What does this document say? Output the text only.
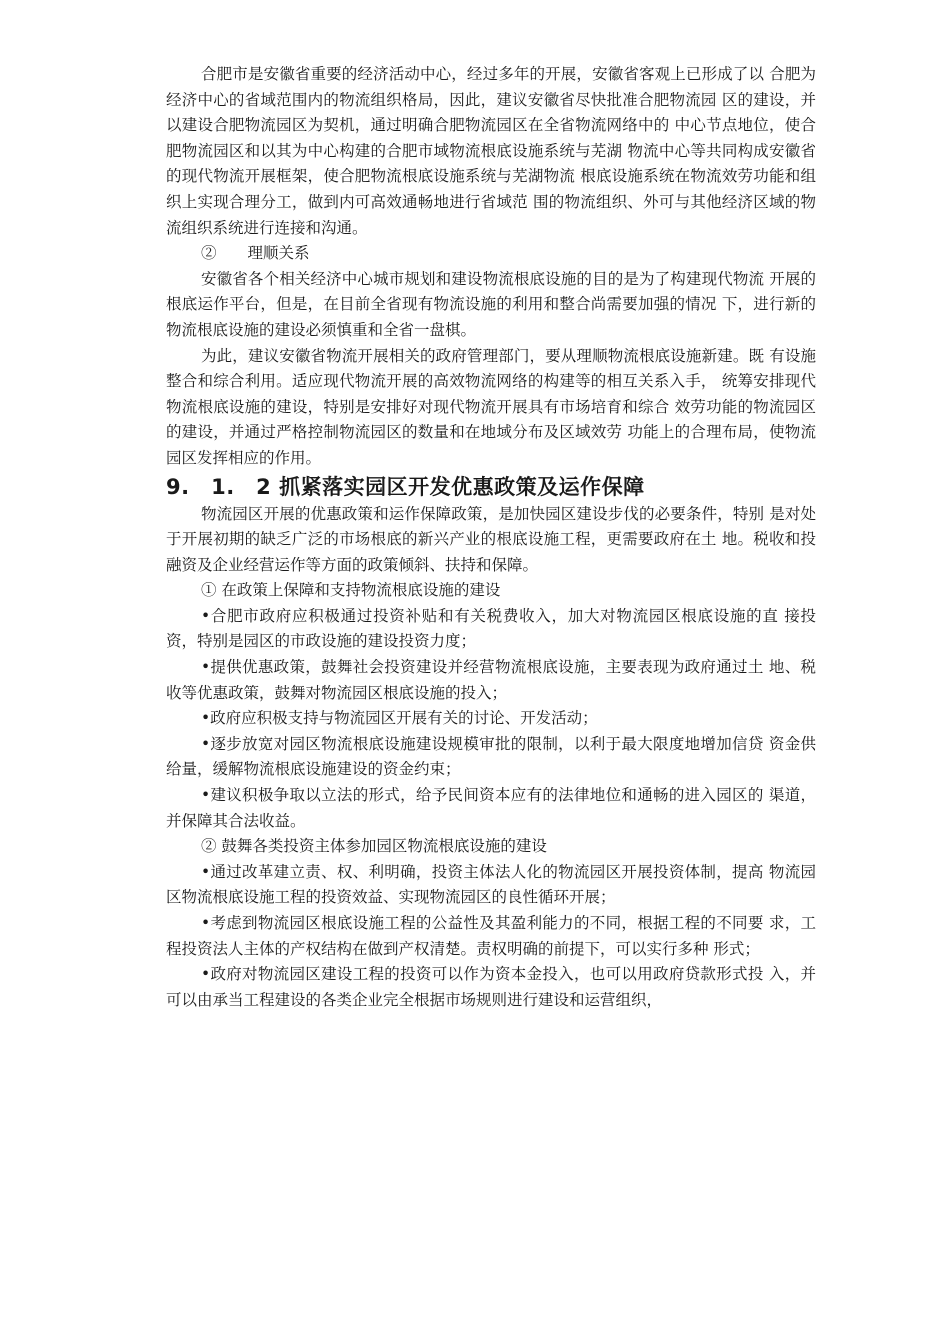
合肥市是安徽省重要的经济活动中心，经过多年的开展，安徽省客观上已形成了以 合肥为经济中心的省域范围内的物流组织格局，因此，建议安徽省尽快批准合肥物流园 区的建设，并以建设合肥物流园区为契机，通过明确合肥物流园区在全省物流网络中的 中心节点地位，使合肥物流园区和以其为中心构建的合肥市域物流根底设施系统与芜湖 物流中心等共同构成安徽省的现代物流开展框架，使合肥物流根底设施系统与芜湖物流 根底设施系统在物流效劳功能和组织上实现合理分工，做到内可高效通畅地进行省域范 围的物流组织、外可与其他经济区域的物流组织系统进行连接和沟通。

②　　理顺关系

安徽省各个相关经济中心城市规划和建设物流根底设施的目的是为了构建现代物流 开展的根底运作平台，但是，在目前全省现有物流设施的利用和整合尚需要加强的情况 下，进行新的物流根底设施的建设必须慎重和全省一盘棋。

为此，建议安徽省物流开展相关的政府管理部门，要从理顺物流根底设施新建。既 有设施整合和综合利用。适应现代物流开展的高效物流网络的构建等的相互关系入手， 统筹安排现代物流根底设施的建设，特别是安排好对现代物流开展具有市场培育和综合 效劳功能的物流园区的建设，并通过严格控制物流园区的数量和在地域分布及区域效劳 功能上的合理布局，使物流园区发挥相应的作用。

9.　1.　2 抓紧落实园区开发优惠政策及运作保障

物流园区开展的优惠政策和运作保障政策，是加快园区建设步伐的必要条件，特别 是对处于开展初期的缺乏广泛的市场根底的新兴产业的根底设施工程，更需要政府在土 地。税收和投融资及企业经营运作等方面的政策倾斜、扶持和保障。

① 在政策上保障和支持物流根底设施的建设

•合肥市政府应积极通过投资补贴和有关税费收入，加大对物流园区根底设施的直 接投资，特别是园区的市政设施的建设投资力度；

•提供优惠政策，鼓舞社会投资建设并经营物流根底设施，主要表现为政府通过土 地、税收等优惠政策，鼓舞对物流园区根底设施的投入；

•政府应积极支持与物流园区开展有关的讨论、开发活动；

•逐步放宽对园区物流根底设施建设规模审批的限制，以利于最大限度地增加信贷 资金供给量，缓解物流根底设施建设的资金约束；

•建议积极争取以立法的形式，给予民间资本应有的法律地位和通畅的进入园区的 渠道，并保障其合法收益。

② 鼓舞各类投资主体参加园区物流根底设施的建设

•通过改革建立责、权、利明确，投资主体法人化的物流园区开展投资体制，提高 物流园区物流根底设施工程的投资效益、实现物流园区的良性循环开展；

•考虑到物流园区根底设施工程的公益性及其盈利能力的不同，根据工程的不同要 求，工程投资法人主体的产权结构在做到产权清楚。责权明确的前提下，可以实行多种 形式；

•政府对物流园区建设工程的投资可以作为资本金投入，也可以用政府贷款形式投 入，并可以由承当工程建设的各类企业完全根据市场规则进行建设和运营组织，
